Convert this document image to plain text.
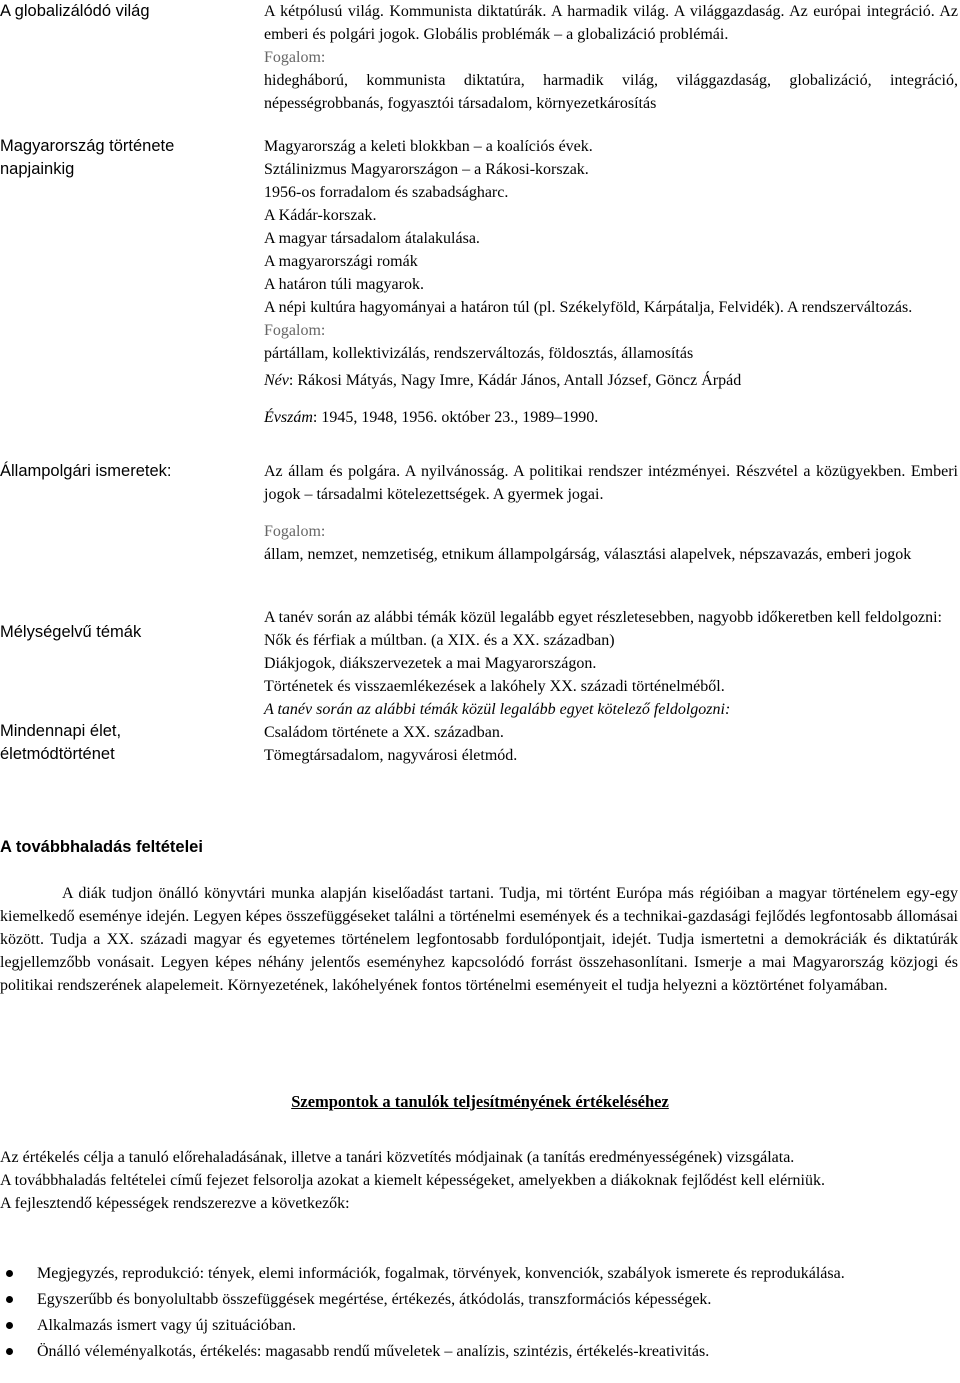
A globalizálódó világ	A kétpólusú világ. Kommunista diktatúrák. A harmadik világ. A világgazdaság. Az európai integráció. Az emberi és polgári jogok. Globális problémák – a globalizáció problémái.
Fogalom:
hidegháború, kommunista diktatúra, harmadik világ, világgazdaság, globalizáció, integráció, népességrobbanás, fogyasztói társadalom, környezetkárosítás
Magyarország története napjainkig
Magyarország a keleti blokkban – a koalíciós évek.
Sztálinizmus Magyarországon – a Rákosi-korszak.
1956-os forradalom és szabadságharc.
A Kádár-korszak.
A magyar társadalom átalakulása.
A magyarországi romák
A határon túli magyarok.
A népi kultúra hagyományai a határon túl (pl. Székelyföld, Kárpátalja, Felvidék). A rendszerváltozás.
Fogalom:
pártállam, kollektivizálás, rendszerváltozás, földosztás, államosítás
Név: Rákosi Mátyás, Nagy Imre, Kádár János, Antall József, Göncz Árpád
Évszám: 1945, 1948, 1956. október 23., 1989–1990.
Állampolgári ismeretek:	Az állam és polgára. A nyilvánosság. A politikai rendszer intézményei. Részvétel a közügyekben. Emberi jogok – társadalmi kötelezettségek. A gyermek jogai.
Fogalom:
állam, nemzet, nemzetiség, etnikum állampolgárság, választási alapelvek, népszavazás, emberi jogok
Mélységelvű témák
Mindennapi élet, életmódtörténet
A tanév során az alábbi témák közül legalább egyet részletesebben, nagyobb időkeretben kell feldolgozni:
Nők és férfiak a múltban. (a XIX. és a XX. században)
Diákjogok, diákszervezetek a mai Magyarországon.
Történetek és visszaemlékezések a lakóhely XX. századi történelméből.
A tanév során az alábbi témák közül legalább egyet kötelező feldolgozni:
Családom története a XX. században.
Tömegtársadalom, nagyvárosi életmód.
A továbbhaladás feltételei
A diák tudjon önálló könyvtári munka alapján kiselőadást tartani. Tudja, mi történt Európa más régióiban a magyar történelem egy-egy kiemelkedő eseménye idején. Legyen képes összefüggéseket találni a történelmi események és a technikai-gazdasági fejlődés legfontosabb állomásai között. Tudja a XX. századi magyar és egyetemes történelem legfontosabb fordulópontjait, idejét. Tudja ismertetni a demokráciák és diktatúrák legjellemzőbb vonásait. Legyen képes néhány jelentős eseményhez kapcsolódó forrást összehasonlítani. Ismerje a mai Magyarország közjogi és politikai rendszerének alapelemeit. Környezetének, lakóhelyének fontos történelmi eseményeit el tudja helyezni a köztörténet folyamában.
Szempontok a tanulók teljesítményének értékeléséhez

Az értékelés célja a tanuló előrehaladásának, illetve a tanári közvetítés módjainak (a tanítás eredményességének) vizsgálata.

A továbbhaladás feltételei című fejezet felsorolja azokat a kiemelt képességeket, amelyekben a diákoknak fejlődést kell elérniük.

A fejlesztendő képességek rendszerezve a következők:

Megjegyzés, reprodukció: tények, elemi információk, fogalmak, törvények, konvenciók, szabályok ismerete és reprodukálása.
Egyszerűbb és bonyolultabb összefüggések megértése, értékezés, átkódolás, transzformációs képességek.
Alkalmazás ismert vagy új szituációban.
Önálló véleményalkotás, értékelés: magasabb rendű műveletek – analízis, szintézis, értékelés-kreativitás.
